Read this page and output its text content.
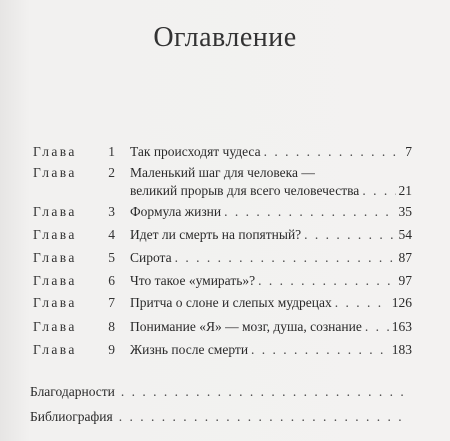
Оглавление
Глава	1 Так происходят чудеса . . .	7
Глава	2 Маленький шаг для человека —
великий прорыв для всего человечества . . .	21
Глава	3 Формула жизни . . .	35
Глава	4 Идет ли смерть на попятный? . . .	54
Глава	5 Сирота . . .	87
Глава	6 Что такое «умирать»? . . .	97
Глава	7 Притча о слоне и слепых мудрецах . . .	126
Глава	8 Понимание «Я» — мозг, душа, сознание . . . 163
Глава	9 Жизнь после смерти . . .	183
Благодарности
. . .
Библиография
. . .
